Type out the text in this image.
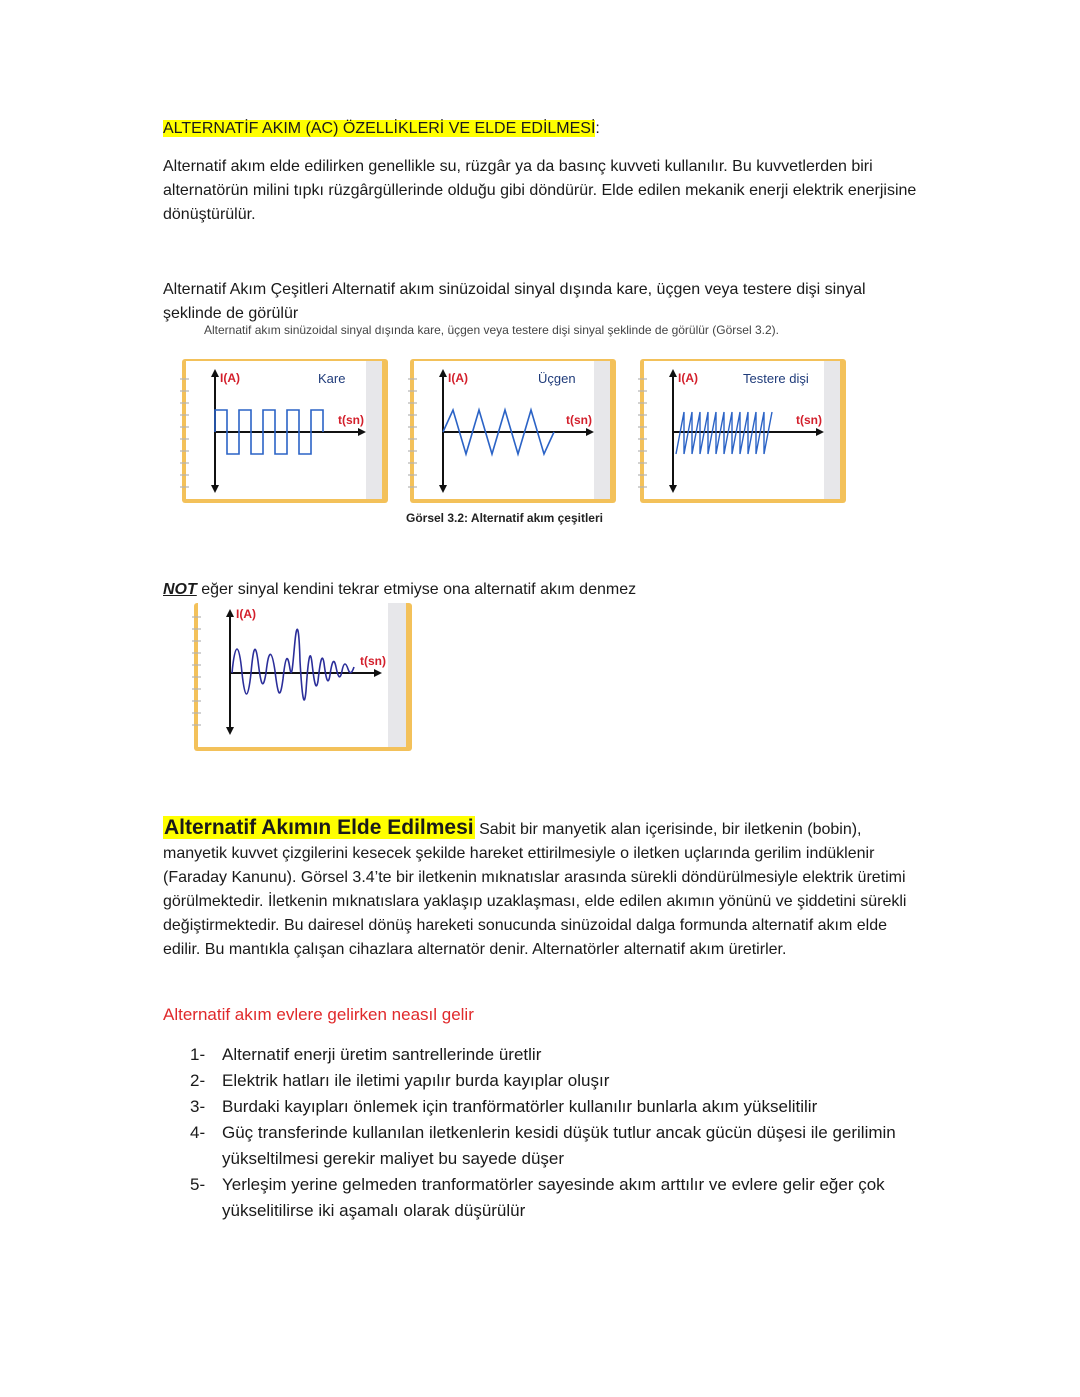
ALTERNATİF AKIM (AC) ÖZELLİKLERİ VE ELDE EDİLMESİ:
Alternatif akım elde edilirken genellikle su, rüzgâr ya da basınç kuvveti kullanılır. Bu kuvvetlerden biri alternatörün milini tıpkı rüzgârgüllerinde olduğu gibi döndürür. Elde edilen mekanik enerji elektrik enerjisine dönüştürülür.
Alternatif Akım Çeşitleri Alternatif akım sinüzoidal sinyal dışında kare, üçgen veya testere dişi sinyal şeklinde de görülür
Alternatif akım sinüzoidal sinyal dışında kare, üçgen veya testere dişi sinyal şeklinde de görülür (Görsel 3.2).
I(A)	Kare
t(sn)
I(A)	Üçgen
t(sn)
I(A)	Testere dişi
t(sn)
Görsel 3.2: Alternatif akım çeşitleri
NOT eğer sinyal kendini tekrar etmiyse ona alternatif akım denmez
I(A)
t(sn)
Alternatif Akımın Elde Edilmesi Sabit bir manyetik alan içerisinde, bir iletkenin (bobin), manyetik kuvvet çizgilerini kesecek şekilde hareket ettirilmesiyle o iletken uçlarında gerilim indüklenir (Faraday Kanunu). Görsel 3.4’te bir iletkenin mıknatıslar arasında sürekli döndürülmesiyle elektrik üretimi görülmektedir. İletkenin mıknatıslara yaklaşıp uzaklaşması, elde edilen akımın yönünü ve şiddetini sürekli değiştirmektedir. Bu dairesel dönüş hareketi sonucunda sinüzoidal dalga formunda alternatif akım elde edilir. Bu mantıkla çalışan cihazlara alternatör denir. Alternatörler alternatif akım üretirler.
Alternatif akım evlere gelirken neasıl gelir
1- Alternatif enerji üretim santrellerinde üretlir
2- Elektrik hatları ile iletimi yapılır burda kayıplar oluşır
3- Burdaki kayıpları önlemek için tranförmatörler kullanılır bunlarla akım yükselitilir
4- Güç transferinde kullanılan iletkenlerin kesidi düşük tutlur ancak gücün düşesi ile gerilimin yükseltilmesi gerekir maliyet bu sayede düşer
5- Yerleşim yerine gelmeden tranformatörler sayesinde akım arttılır ve evlere gelir eğer çok yükselitilirse iki aşamalı olarak düşürülür
